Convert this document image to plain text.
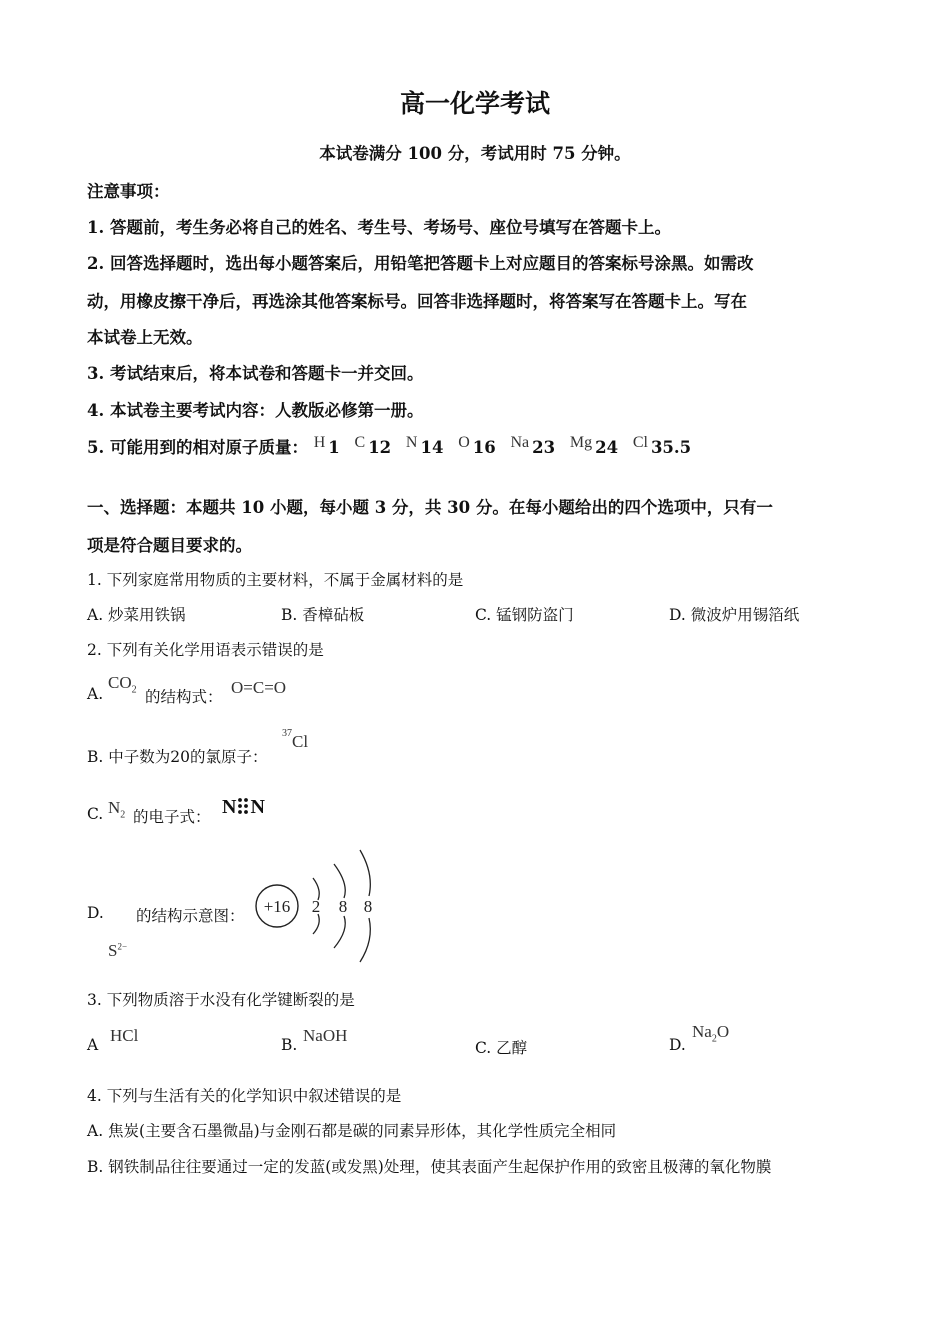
高一化学考试
本试卷满分 100 分，考试用时 75 分钟。
注意事项：
1. 答题前，考生务必将自己的姓名、考生号、考场号、座位号填写在答题卡上。
2. 回答选择题时，选出每小题答案后，用铅笔把答题卡上对应题目的答案标号涂黑。如需改
动，用橡皮擦干净后，再选涂其他答案标号。回答非选择题时，将答案写在答题卡上。写在
本试卷上无效。
3. 考试结束后，将本试卷和答题卡一并交回。
4. 本试卷主要考试内容：人教版必修第一册。
5. 可能用到的相对原子质量： H 1 C 12 N 14 O 16 Na 23 Mg 24 Cl 35.5
一、选择题：本题共 10 小题，每小题 3 分，共 30 分。在每小题给出的四个选项中，只有一
项是符合题目要求的。
1. 下列家庭常用物质的主要材料，不属于金属材料的是
A. 炒菜用铁锅	B. 香樟砧板	C. 锰钢防盗门	D. 微波炉用锡箔纸
2. 下列有关化学用语表示错误的是
A.
$CO_2$ 的结构式： O=C=O
B. 中子数为20的氯原子：
$^{37}$Cl
C. $N_2$ 的电子式： N N
D. 的结构示意图：
$S^{2-}$
+16 2 8 8
3. 下列物质溶于水没有化学键断裂的是
A HCl	B. NaOH
C. 乙醇	D.
$Na_2O$
4. 下列与生活有关的化学知识中叙述错误的是
A. 焦炭(主要含石墨微晶)与金刚石都是碳的同素异形体，其化学性质完全相同
B. 钢铁制品往往要通过一定的发蓝(或发黑)处理，使其表面产生起保护作用的致密且极薄的氧化物膜
